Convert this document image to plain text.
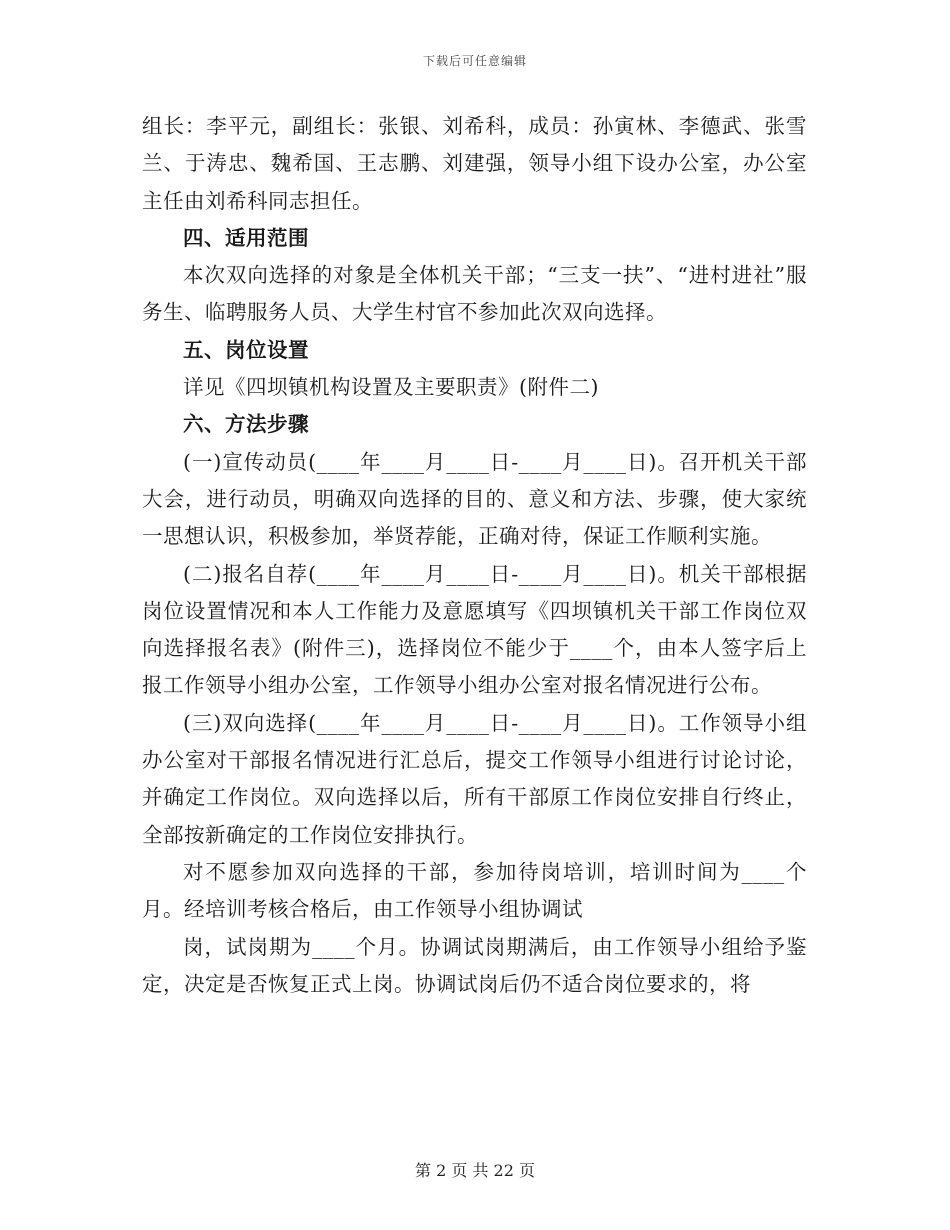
下载后可任意编辑

组长：李平元，副组长：张银、刘希科，成员：孙寅林、李德武、张雪兰、于涛忠、魏希国、王志鹏、刘建强，领导小组下设办公室，办公室主任由刘希科同志担任。

四、适用范围

本次双向选择的对象是全体机关干部；“三支一扶”、“进村进社”服务生、临聘服务人员、大学生村官不参加此次双向选择。

五、岗位设置

详见《四坝镇机构设置及主要职责》(附件二)

六、方法步骤

(一)宣传动员(____年____月____日-____月____日)。召开机关干部大会，进行动员，明确双向选择的目的、意义和方法、步骤，使大家统一思想认识，积极参加，举贤荐能，正确对待，保证工作顺利实施。

(二)报名自荐(____年____月____日-____月____日)。机关干部根据岗位设置情况和本人工作能力及意愿填写《四坝镇机关干部工作岗位双向选择报名表》(附件三)，选择岗位不能少于____个，由本人签字后上报工作领导小组办公室，工作领导小组办公室对报名情况进行公布。

(三)双向选择(____年____月____日-____月____日)。工作领导小组办公室对干部报名情况进行汇总后，提交工作领导小组进行讨论讨论，并确定工作岗位。双向选择以后，所有干部原工作岗位安排自行终止，全部按新确定的工作岗位安排执行。

对不愿参加双向选择的干部，参加待岗培训，培训时间为____个月。经培训考核合格后，由工作领导小组协调试

岗，试岗期为____个月。协调试岗期满后，由工作领导小组给予鉴定，决定是否恢复正式上岗。协调试岗后仍不适合岗位要求的，将

第 2 页 共 22 页
